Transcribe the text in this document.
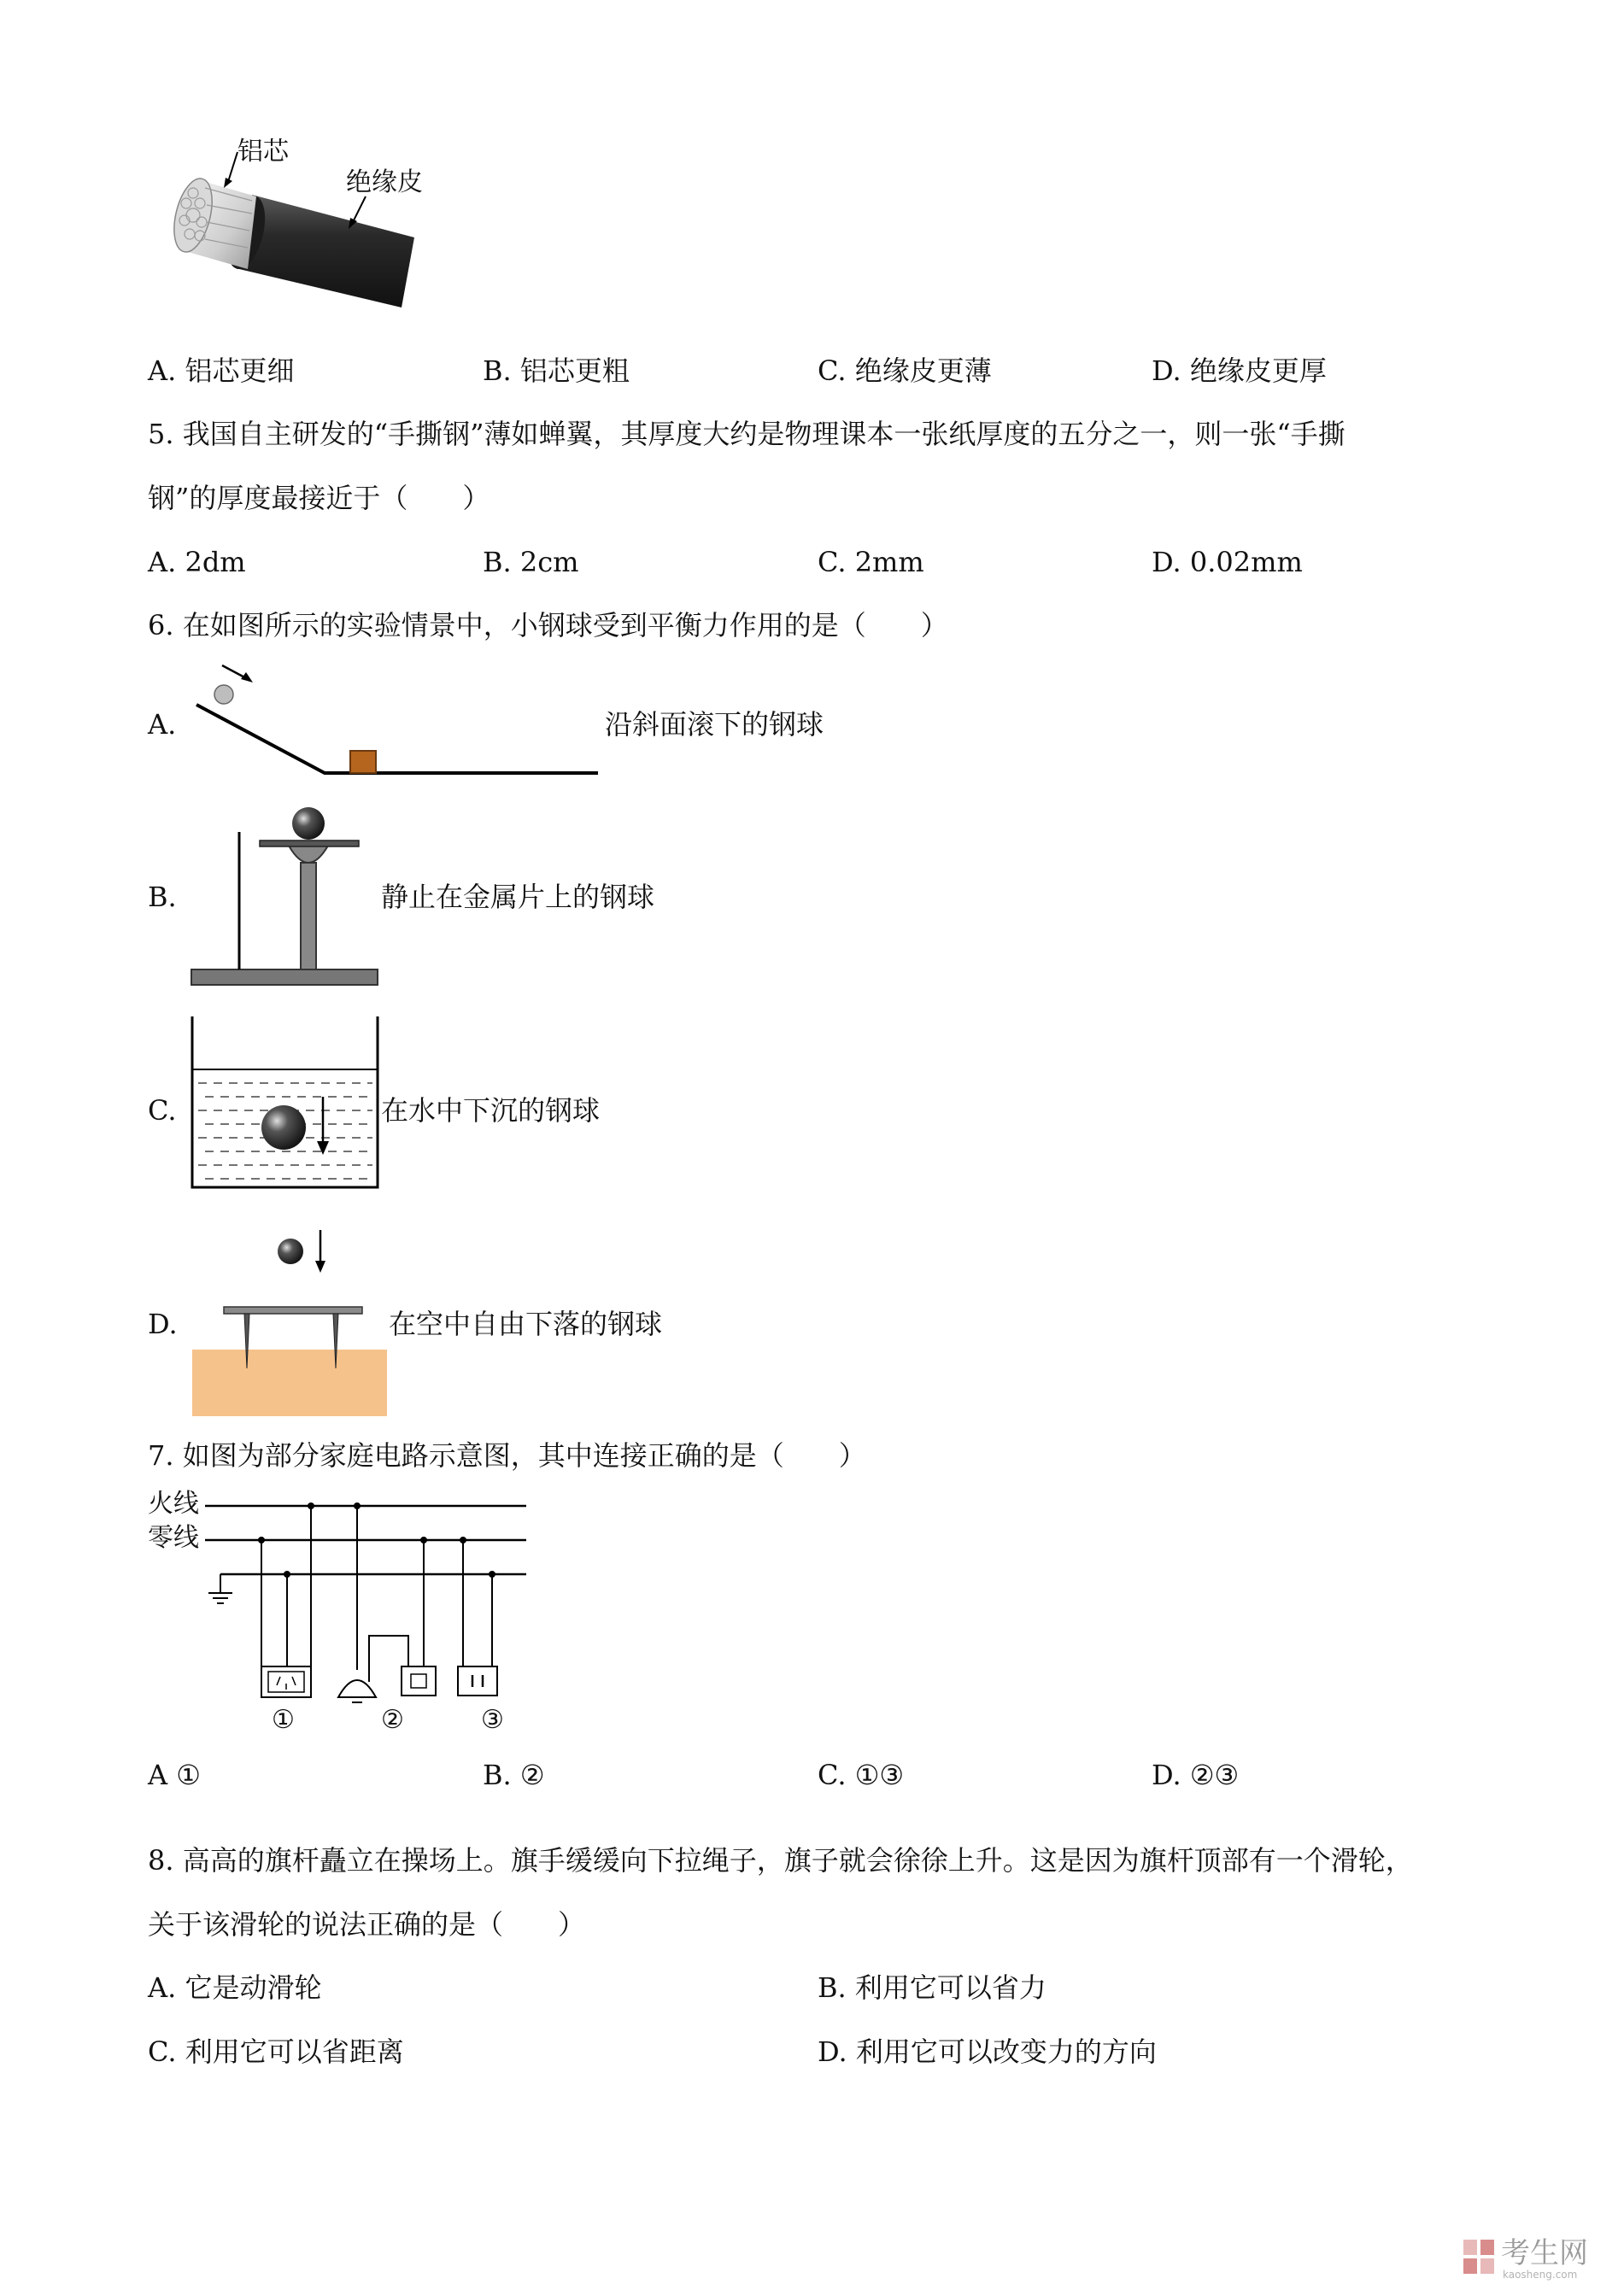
铝芯
绝缘皮
A. 铝芯更细	B. 铝芯更粗	C. 绝缘皮更薄	D. 绝缘皮更厚
5. 我国自主研发的“手撕钢”薄如蝉翼，其厚度大约是物理课本一张纸厚度的五分之一，则一张“手撕
钢”的厚度最接近于（　　）
A. 2dm	B. 2cm	C. 2mm	D. 0.02mm
6. 在如图所示的实验情景中，小钢球受到平衡力作用的是（　　）
A.	沿斜面滚下的钢球
B.	静止在金属片上的钢球
C.	在水中下沉的钢球
D.	在空中自由下落的钢球
7. 如图为部分家庭电路示意图，其中连接正确的是（　　）
火线
零线
①	②	③
A ①	B. ②	C. ①③	D. ②③
8. 高高的旗杆矗立在操场上。旗手缓缓向下拉绳子，旗子就会徐徐上升。这是因为旗杆顶部有一个滑轮，
关于该滑轮的说法正确的是（　　）
A. 它是动滑轮	B. 利用它可以省力
C. 利用它可以省距离	D. 利用它可以改变力的方向
考生网
kaosheng.com
